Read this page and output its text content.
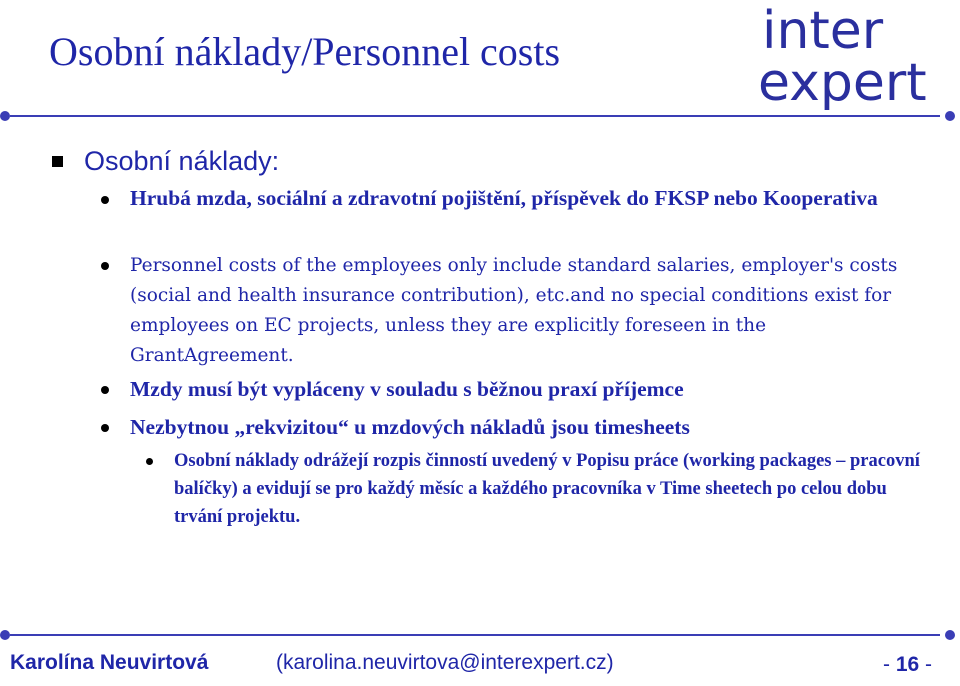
Osobní náklady/Personnel costs	inter
expert
Osobní náklady:
Hrubá mzda, sociální a zdravotní pojištění, příspěvek do FKSP nebo Kooperativa
Personnel costs of the employees only include standard salaries, employer's costs (social and health insurance contribution), etc.and no special conditions exist for employees on EC projects, unless they are explicitly foreseen in the GrantAgreement.
Mzdy musí být vypláceny v souladu s běžnou praxí příjemce
Nezbytnou „rekvizitou“ u mzdových nákladů jsou timesheets
Osobní náklady odrážejí rozpis činností uvedený v Popisu práce (working packages – pracovní balíčky) a evidují se pro každý měsíc a každého pracovníka v Time sheetech po celou dobu trvání projektu.
Karolína Neuvirtová	(karolina.neuvirtova@interexpert.cz)	- 16 -
